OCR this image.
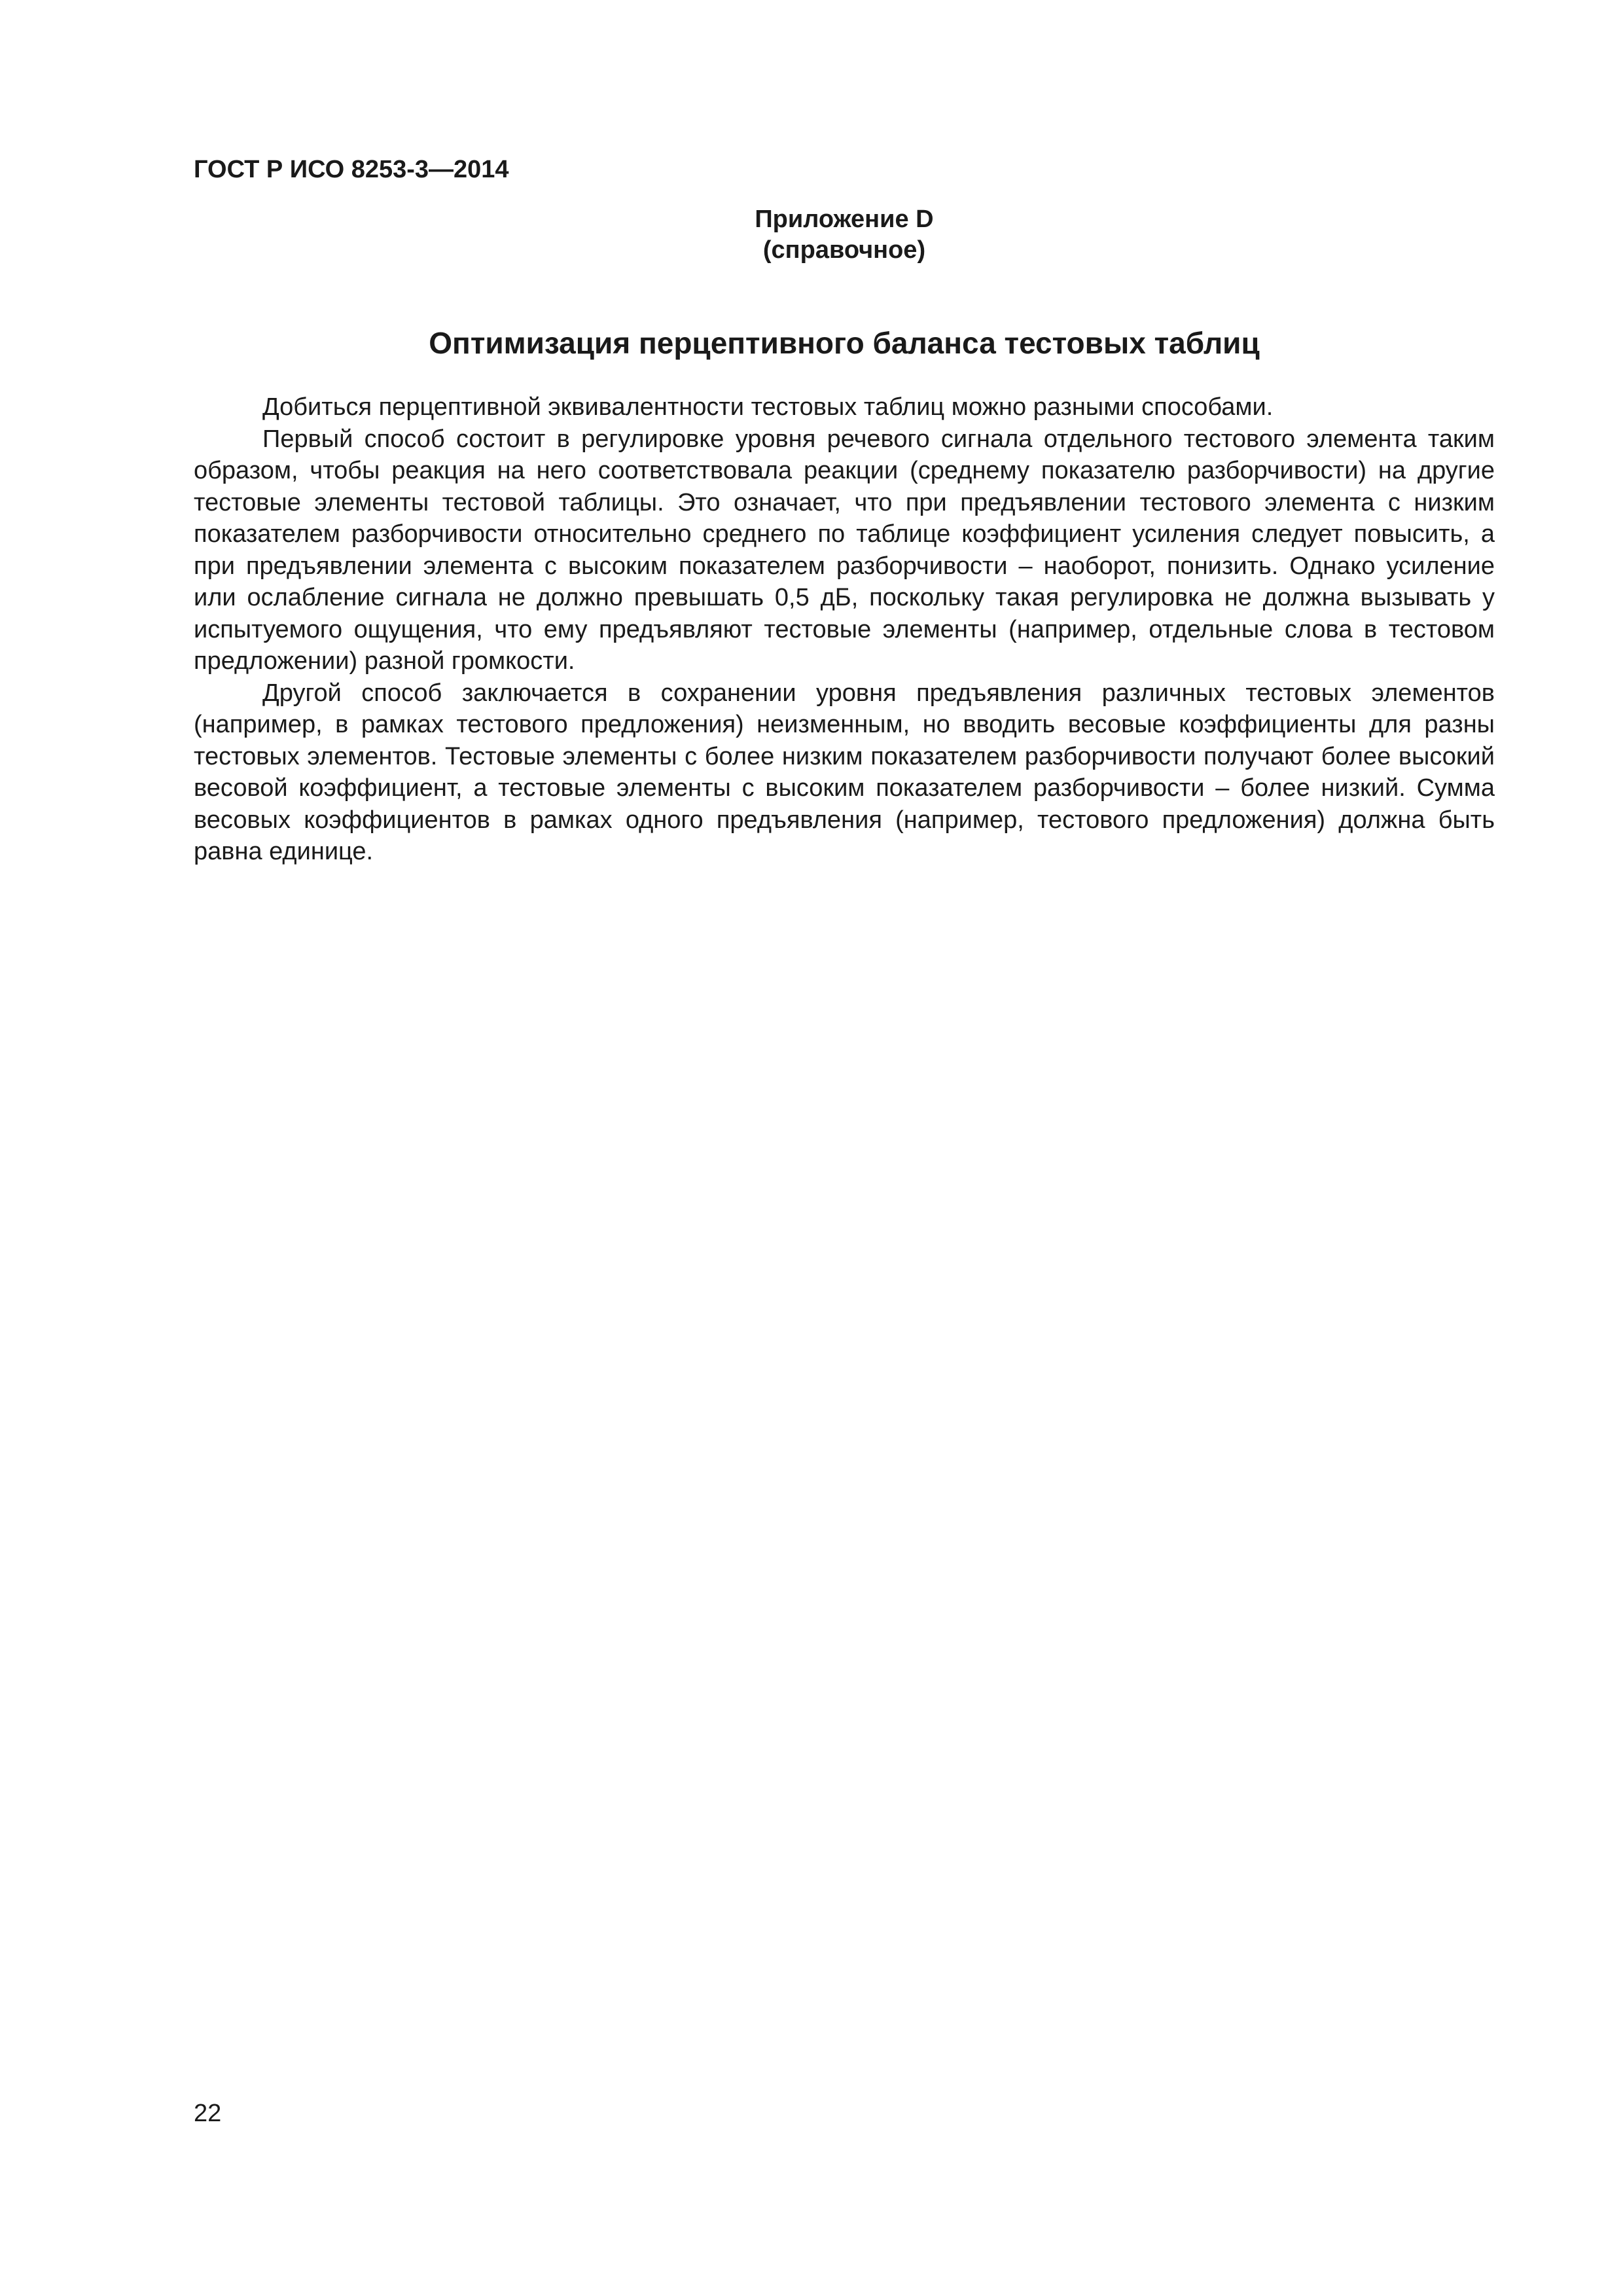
ГОСТ Р ИСО 8253-3—2014
Приложение D
(справочное)
Оптимизация перцептивного баланса тестовых таблиц

Добиться перцептивной эквивалентности тестовых таблиц можно разными способами.

Первый способ состоит в регулировке уровня речевого сигнала отдельного тестового элемента таким образом, чтобы реакция на него соответствовала реакции (среднему показателю разборчивости) на другие тестовые элементы тестовой таблицы. Это означает, что при предъявлении тестового элемента с низким показателем разборчивости относительно среднего по таблице коэффициент усиления следует повысить, а при предъявлении элемента с высоким показателем разборчивости – наоборот, понизить. Однако усиление или ослабление сигнала не должно превышать 0,5 дБ, поскольку такая регулировка не должна вызывать у испытуемого ощущения, что ему предъявляют тестовые элементы (например, отдельные слова в тестовом предложении) разной громкости.

Другой способ заключается в сохранении уровня предъявления различных тестовых элементов (например, в рамках тестового предложения) неизменным, но вводить весовые коэффициенты для разны тестовых элементов. Тестовые элементы с более низким показателем разборчивости получают более высокий весовой коэффициент, а тестовые элементы с высоким показателем разборчивости – более низкий. Сумма весовых коэффициентов в рамках одного предъявления (например, тестового предложения) должна быть равна единице.

22
